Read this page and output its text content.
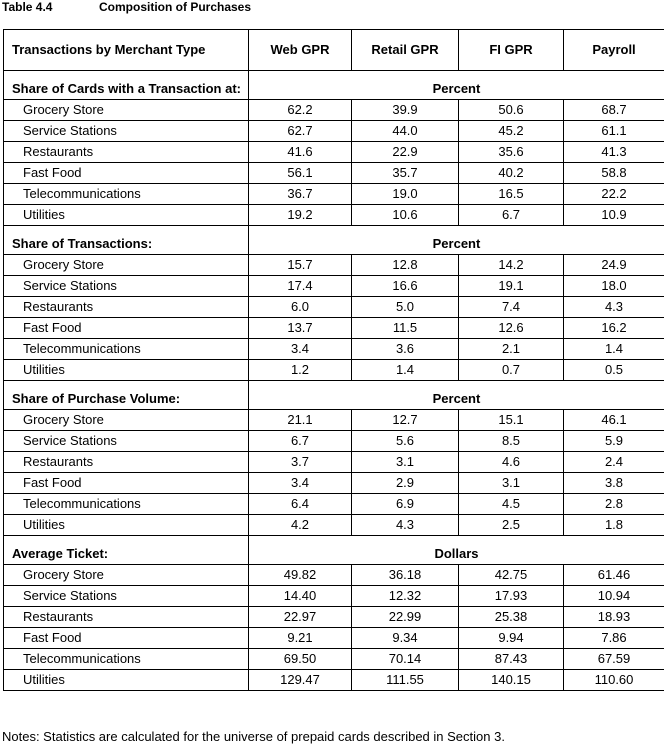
Table 4.4	Composition of Purchases
Transactions by Merchant Type	Web GPR	Retail GPR	FI GPR	Payroll

Share of Cards with a Transaction at:	Percent			
Grocery Store	62.2	39.9	50.6	68.7
Service Stations	62.7	44.0	45.2	61.1
Restaurants	41.6	22.9	35.6	41.3
Fast Food	56.1	35.7	40.2	58.8
Telecommunications	36.7	19.0	16.5	22.2
Utilities	19.2	10.6	6.7	10.9

Share of Transactions:	Percent			
Grocery Store	15.7	12.8	14.2	24.9
Service Stations	17.4	16.6	19.1	18.0
Restaurants	6.0	5.0	7.4	4.3
Fast Food	13.7	11.5	12.6	16.2
Telecommunications	3.4	3.6	2.1	1.4
Utilities	1.2	1.4	0.7	0.5

Share of Purchase Volume:	Percent			
Grocery Store	21.1	12.7	15.1	46.1
Service Stations	6.7	5.6	8.5	5.9
Restaurants	3.7	3.1	4.6	2.4
Fast Food	3.4	2.9	3.1	3.8
Telecommunications	6.4	6.9	4.5	2.8
Utilities	4.2	4.3	2.5	1.8

Average Ticket:	Dollars			
Grocery Store	49.82	36.18	42.75	61.46
Service Stations	14.40	12.32	17.93	10.94
Restaurants	22.97	22.99	25.38	18.93
Fast Food	9.21	9.34	9.94	7.86
Telecommunications	69.50	70.14	87.43	67.59
Utilities	129.47	111.55	140.15	110.60
Notes: Statistics are calculated for the universe of prepaid cards described in Section 3.
